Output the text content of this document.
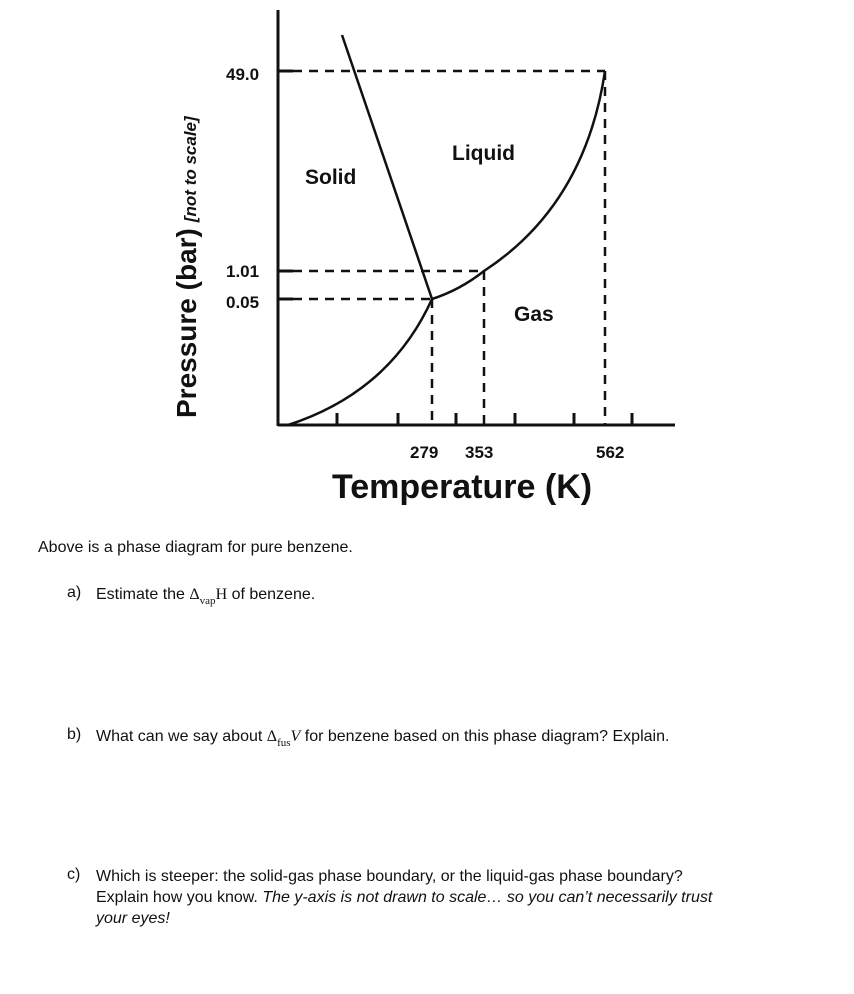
Solid
Liquid
Gas
49.0
1.01
0.05
279 353	562
Temperature (K)
Pressure (bar)[not to scale]
Above is a phase diagram for pure benzene.
a) Estimate the $\Delta_{vap}H$ of benzene.
b) What can we say about $\Delta_{fus}V$ for benzene based on this phase diagram? Explain.
c) Which is steeper: the solid-gas phase boundary, or the liquid-gas phase boundary?
Explain how you know. The y-axis is not drawn to scale… so you can’t necessarily trust
your eyes!
